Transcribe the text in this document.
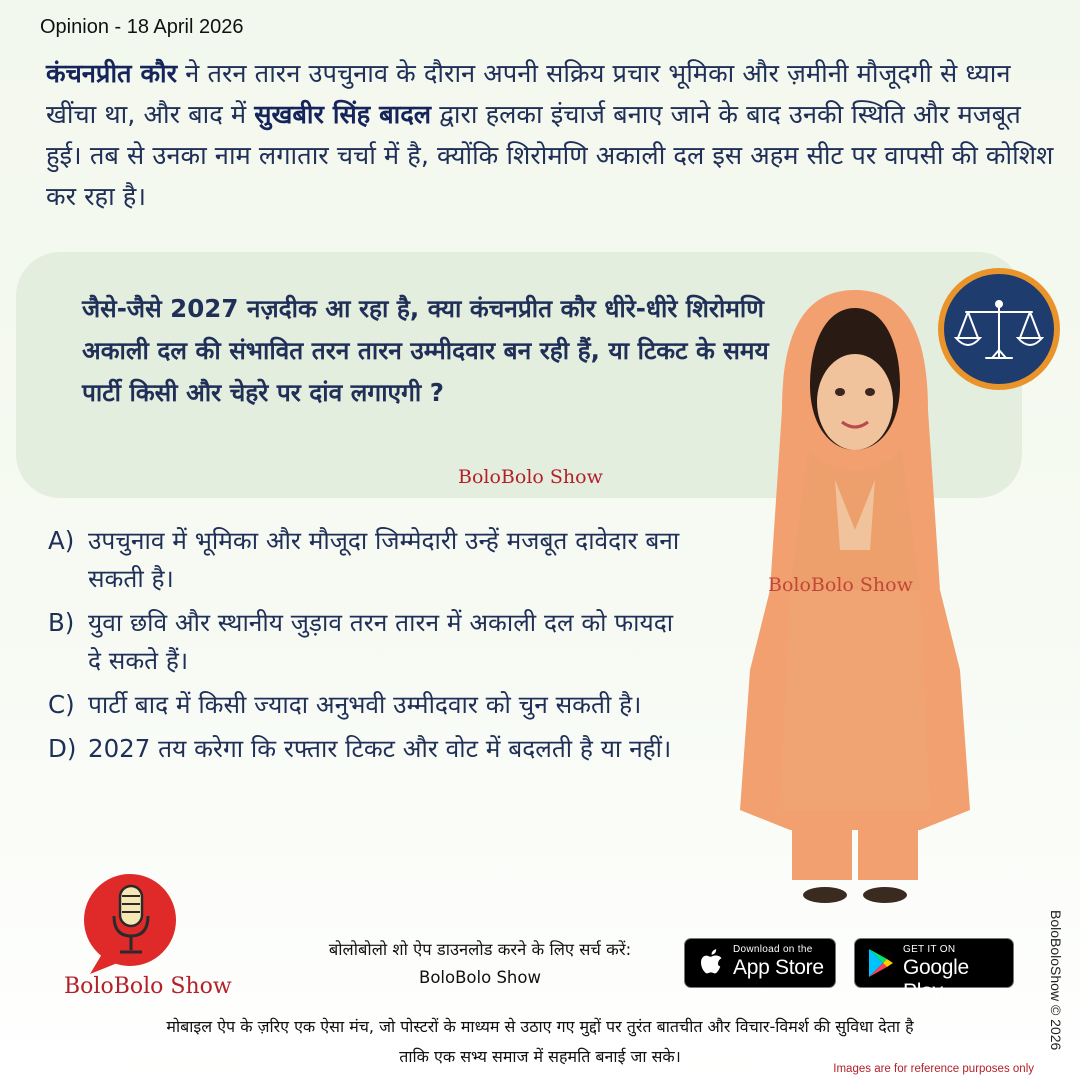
Opinion - 18 April 2026
कंचनप्रीत कौर ने तरन तारन उपचुनाव के दौरान अपनी सक्रिय प्रचार भूमिका और ज़मीनी मौजूदगी से ध्यान खींचा था, और बाद में सुखबीर सिंह बादल द्वारा हलका इंचार्ज बनाए जाने के बाद उनकी स्थिति और मजबूत हुई। तब से उनका नाम लगातार चर्चा में है, क्योंकि शिरोमणि अकाली दल इस अहम सीट पर वापसी की कोशिश कर रहा है।
जैसे-जैसे 2027 नज़दीक आ रहा है, क्या कंचनप्रीत कौर धीरे-धीरे शिरोमणि अकाली दल की संभावित तरन तारन उम्मीदवार बन रही हैं, या टिकट के समय पार्टी किसी और चेहरे पर दांव लगाएगी ?
BoloBolo Show
A) उपचुनाव में भूमिका और मौजूदा जिम्मेदारी उन्हें मजबूत दावेदार बना सकती है।
B) युवा छवि और स्थानीय जुड़ाव तरन तारन में अकाली दल को फायदा दे सकते हैं।
C) पार्टी बाद में किसी ज्यादा अनुभवी उम्मीदवार को चुन सकती है।
D) 2027 तय करेगा कि रफ्तार टिकट और वोट में बदलती है या नहीं।
BoloBolo Show
BoloBolo Show
बोलोबोलो शो ऐप डाउनलोड करने के लिए सर्च करें:
BoloBolo Show
Download on the
App Store
GET IT ON
Google Play
मोबाइल ऐप के ज़रिए एक ऐसा मंच, जो पोस्टरों के माध्यम से उठाए गए मुद्दों पर तुरंत बातचीत और विचार-विमर्श की सुविधा देता है
ताकि एक सभ्य समाज में सहमति बनाई जा सके।
Images are for reference purposes only
BoloBoloShow © 2026
